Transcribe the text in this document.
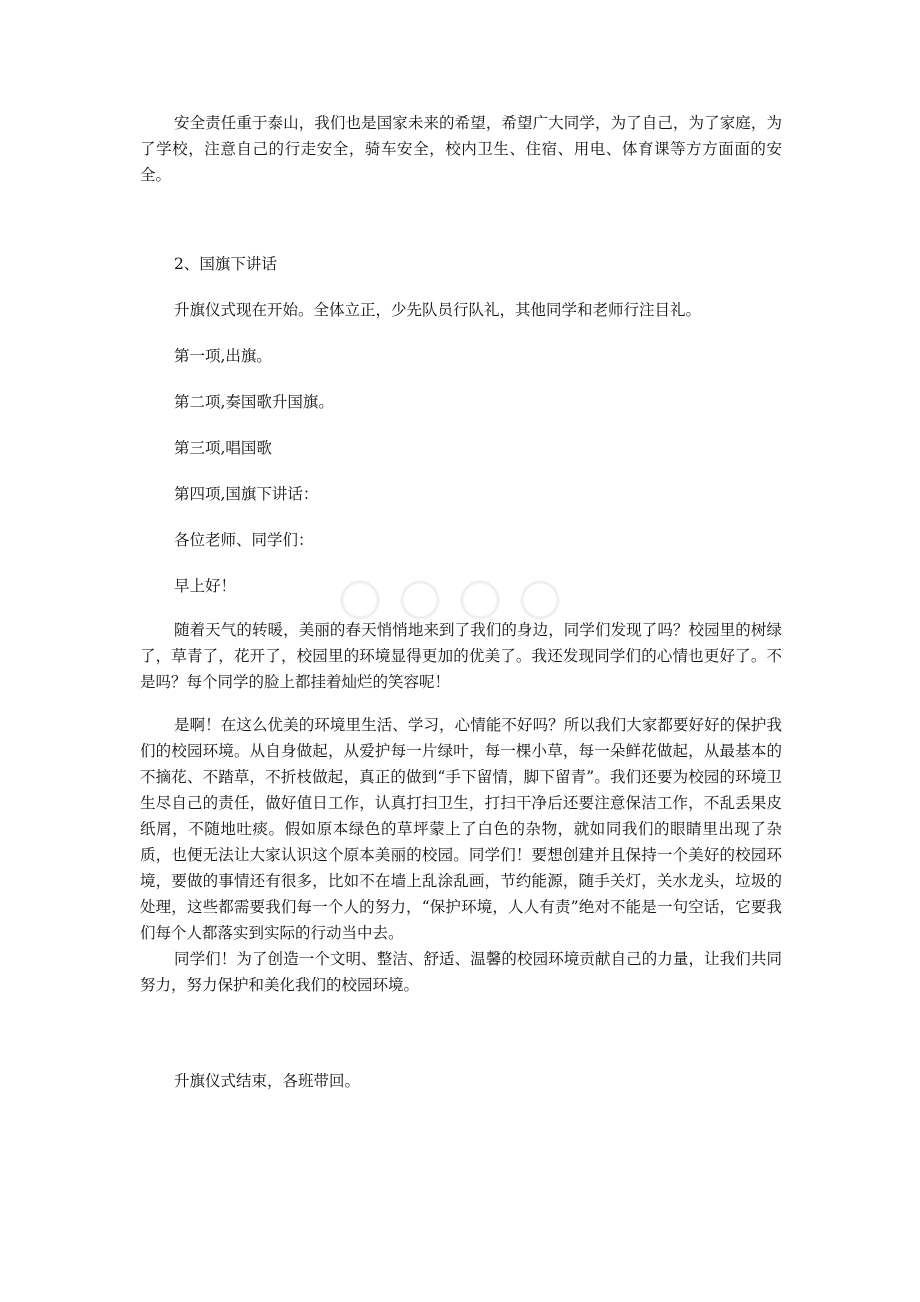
安全责任重于泰山，我们也是国家未来的希望，希望广大同学，为了自己，为了家庭，为了学校，注意自己的行走安全，骑车安全，校内卫生、住宿、用电、体育课等方方面面的安全。

2、国旗下讲话

升旗仪式现在开始。全体立正，少先队员行队礼，其他同学和老师行注目礼。

第一项,出旗。

第二项,奏国歌升国旗。

第三项,唱国歌

第四项,国旗下讲话：

各位老师、同学们：

早上好！

随着天气的转暖，美丽的春天悄悄地来到了我们的身边，同学们发现了吗？校园里的树绿了，草青了，花开了，校园里的环境显得更加的优美了。我还发现同学们的心情也更好了。不是吗？每个同学的脸上都挂着灿烂的笑容呢！

是啊！在这么优美的环境里生活、学习，心情能不好吗？所以我们大家都要好好的保护我们的校园环境。从自身做起，从爱护每一片绿叶，每一棵小草，每一朵鲜花做起，从最基本的不摘花、不踏草，不折枝做起，真正的做到“手下留情，脚下留青”。我们还要为校园的环境卫生尽自己的责任，做好值日工作，认真打扫卫生，打扫干净后还要注意保洁工作，不乱丢果皮纸屑，不随地吐痰。假如原本绿色的草坪蒙上了白色的杂物，就如同我们的眼睛里出现了杂质，也便无法让大家认识这个原本美丽的校园。同学们！要想创建并且保持一个美好的校园环境，要做的事情还有很多，比如不在墙上乱涂乱画，节约能源，随手关灯，关水龙头，垃圾的处理，这些都需要我们每一个人的努力，“保护环境，人人有责”绝对不能是一句空话，它要我们每个人都落实到实际的行动当中去。

同学们！为了创造一个文明、整洁、舒适、温馨的校园环境贡献自己的力量，让我们共同努力，努力保护和美化我们的校园环境。

升旗仪式结束，各班带回。
